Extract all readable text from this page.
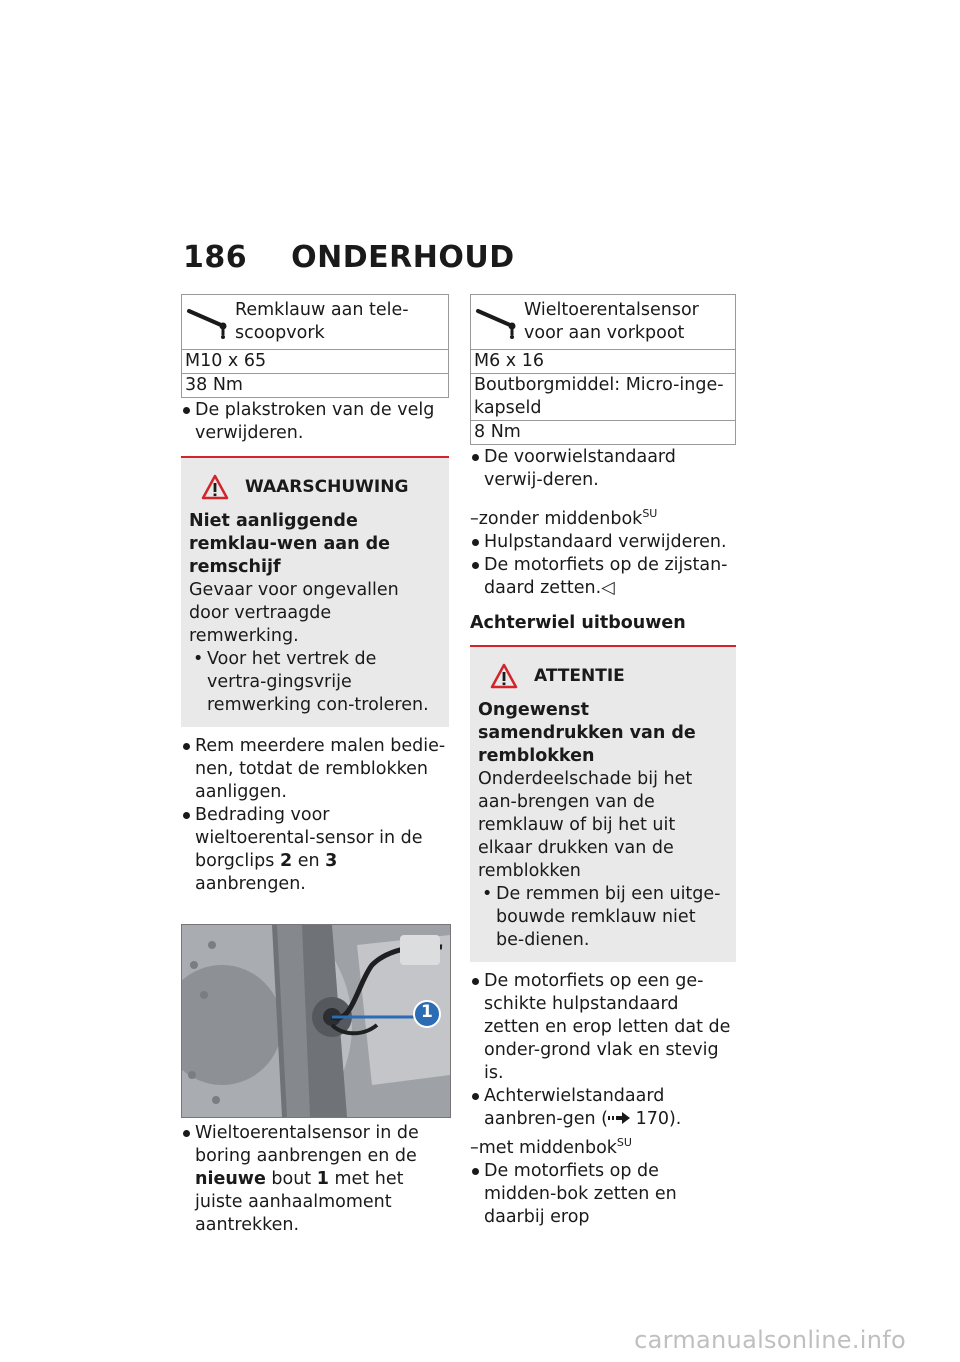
186 ONDERHOUD
Remklauw aan tele-scoopvork

M10 x 65
38 Nm

De plakstroken van de velg verwijderen.

WAARSCHUWING

Niet aanliggende remklau-wen aan de remschijf

Gevaar voor ongevallen door vertraagde remwerking.

• Voor het vertrek de vertra-gingsvrije remwerking con-troleren.

Rem meerdere malen bedie-nen, totdat de remblokken aanliggen.

Bedrading voor wieltoerental-sensor in de borgclips 2 en 3 aanbrengen.

1

Wieltoerentalsensor in de boring aanbrengen en de nieuwe bout 1 met het juiste aanhaalmoment aantrekken.

Wieltoerentalsensor voor aan vorkpoot

M6 x 16
Boutborgmiddel: Micro-inge-kapseld
8 Nm

De voorwielstandaard verwij-deren.

–zonder middenbok$^{SU}$

Hulpstandaard verwijderen.

De motorfiets op de zijstan-daard zetten.◁

Achterwiel uitbouwen

ATTENTIE

Ongewenst samendrukken van de remblokken

Onderdeelschade bij het aan-brengen van de remklauw of bij het uit elkaar drukken van de remblokken

• De remmen bij een uitge-bouwde remklauw niet be-dienen.

De motorfiets op een ge-schikte hulpstandaard zetten en erop letten dat de onder-grond vlak en stevig is.

Achterwielstandaard aanbren-gen ( 170).

–met middenbok$^{SU}$

De motorfiets op de midden-bok zetten en daarbij erop

carmanualsonline.info
